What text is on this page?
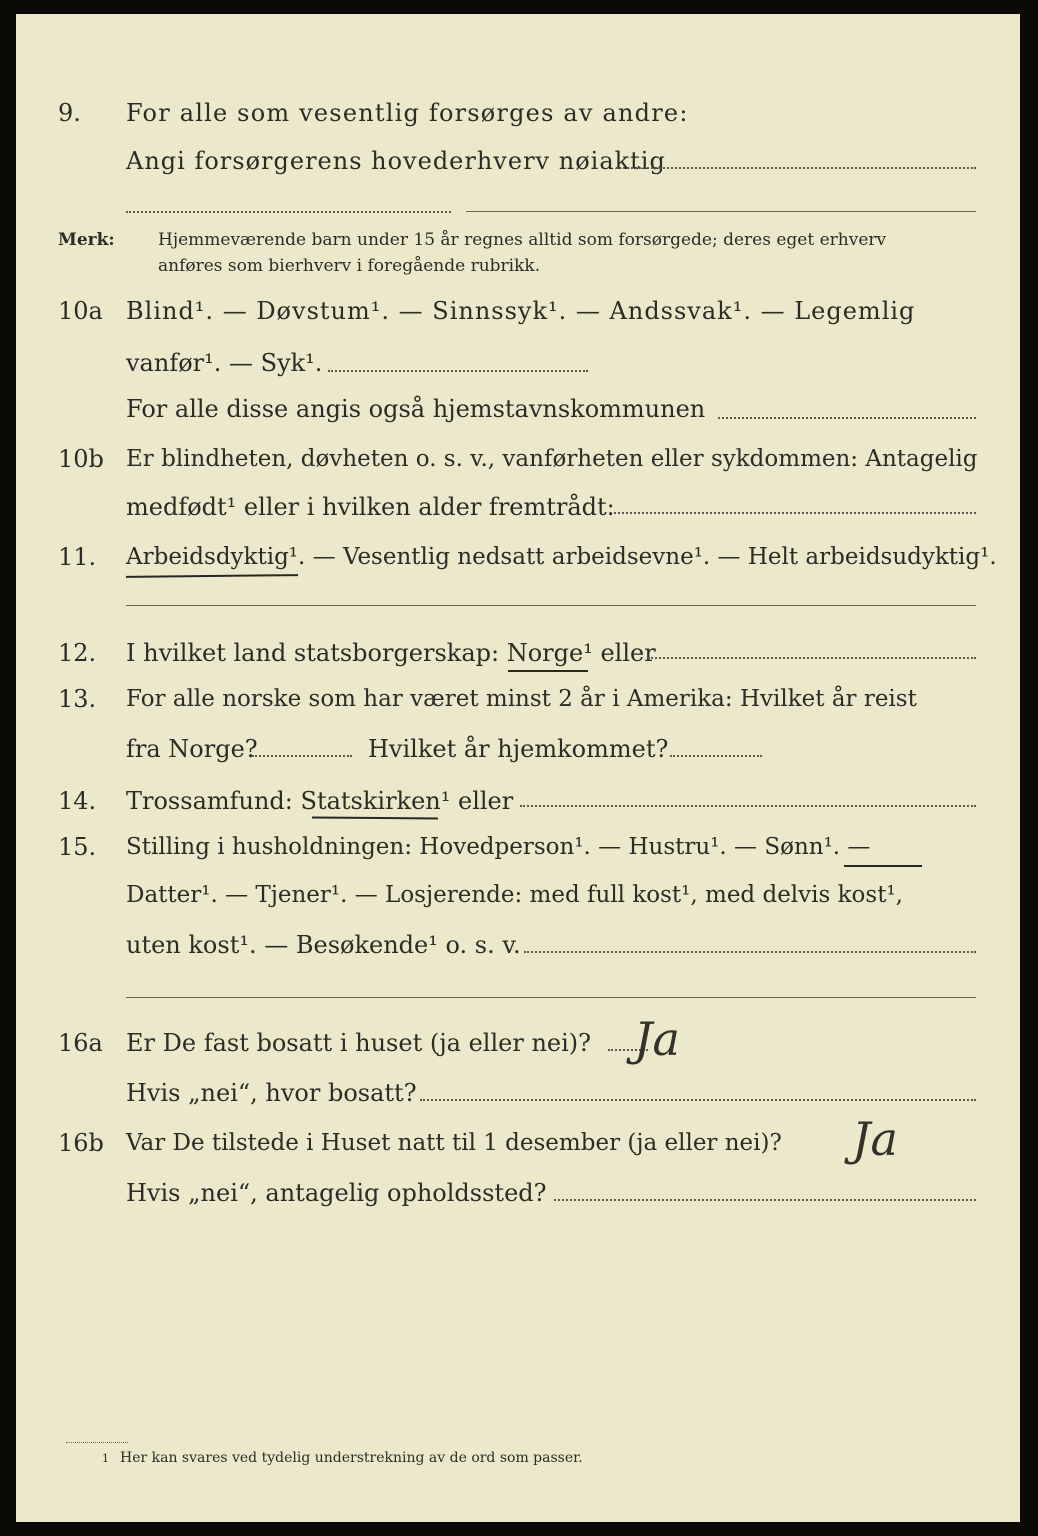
9. For alle som vesentlig forsørges av andre:
Angi forsørgerens hovederhverv nøiaktig
Merk:	Hjemmeværende barn under 15 år regnes alltid som forsørgede; deres eget erhverv
anføres som bierhverv i foregående rubrikk.
10a Blind¹. — Døvstum¹. — Sinnssyk¹. — Andssvak¹. — Legemlig
vanfør¹. — Syk¹.
For alle disse angis også hjemstavnskommunen
10b Er blindheten, døvheten o. s. v., vanførheten eller sykdommen: Antagelig
medfødt¹ eller i hvilken alder fremtrådt:
11. Arbeidsdyktig¹. — Vesentlig nedsatt arbeidsevne¹. — Helt arbeidsudyktig¹.
12. I hvilket land statsborgerskap: Norge¹ eller
13. For alle norske som har været minst 2 år i Amerika: Hvilket år reist
fra Norge?	Hvilket år hjemkommet?
14. Trossamfund: Statskirken¹ eller
15. Stilling i husholdningen: Hovedperson¹. — Hustru¹. — Sønn¹. —
Datter¹. — Tjener¹. — Losjerende: med full kost¹, med delvis kost¹,
uten kost¹. — Besøkende¹ o. s. v.
16a Er De fast bosatt i huset (ja eller nei)? Ja
Hvis „nei“, hvor bosatt?
16b Var De tilstede i Huset natt til 1 desember (ja eller nei)? Ja
Hvis „nei“, antagelig opholdssted?
1 Her kan svares ved tydelig understrekning av de ord som passer.
